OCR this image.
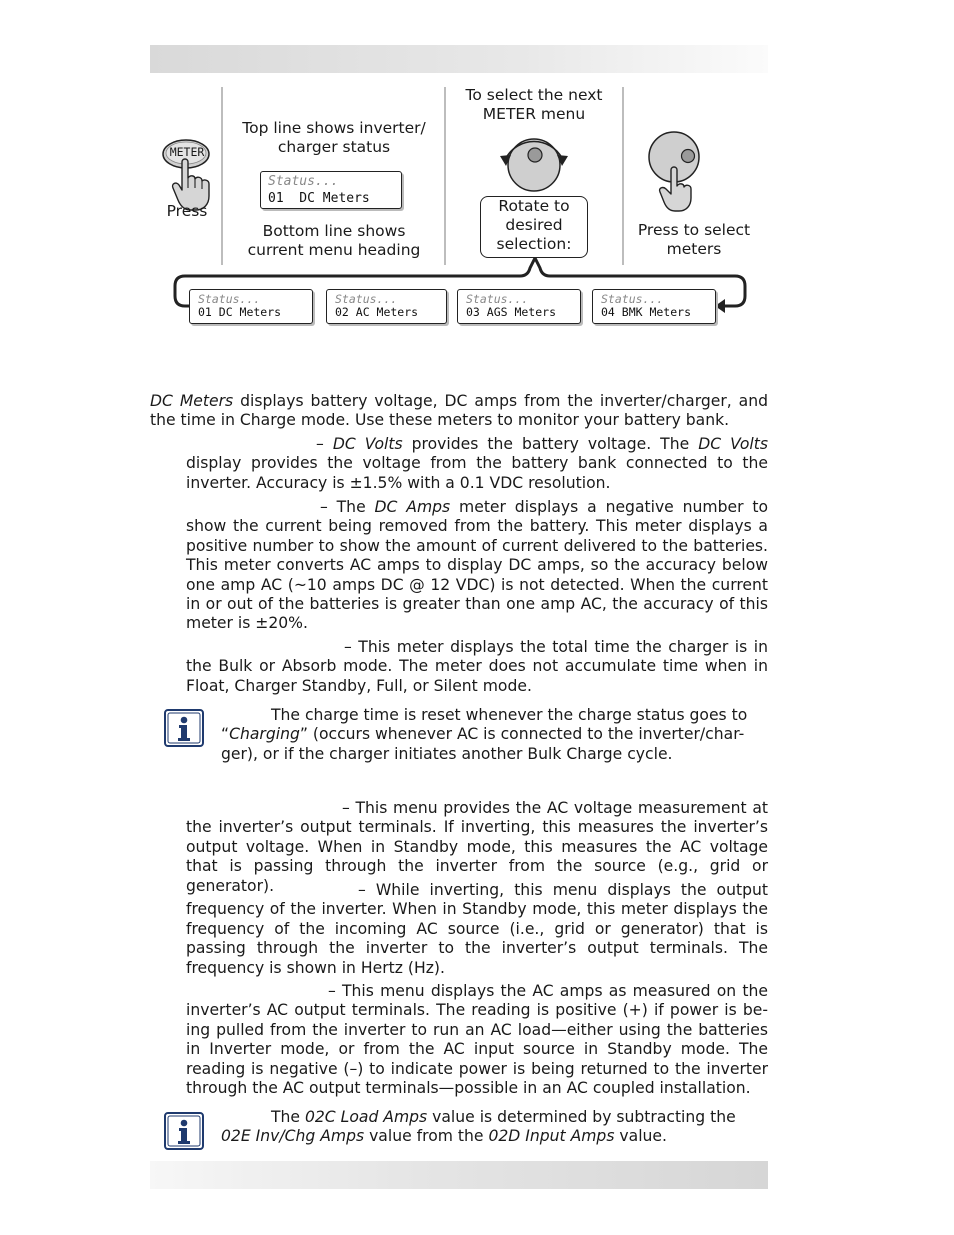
METER
Press
Top line shows inverter/ charger status
Status...
01  DC Meters
Bottom line shows current menu heading
To select the next METER menu
Rotate to desired selection:
Press to select meters
Status...
01 DC Meters
Status...
02 AC Meters
Status...
03 AGS Meters
Status...
04 BMK Meters

DC Meters displays battery voltage, DC amps from the inverter/charger, and the time in Charge mode. Use these meters to monitor your battery bank.

– DC Volts provides the battery voltage. The DC Volts display provides the voltage from the battery bank connected to the inverter. Accuracy is ±1.5% with a 0.1 VDC resolution.

– The DC Amps meter displays a negative number to show the current being removed from the battery. This meter displays a positive number to show the amount of current delivered to the batteries. This meter converts AC amps to display DC amps, so the accuracy below one amp AC (~10 amps DC @ 12 VDC) is not detected. When the current in or out of the batteries is greater than one amp AC, the accuracy of this meter is ±20%.

– This meter displays the total time the charger is in the Bulk or Absorb mode. The meter does not accumulate time when in Float, Charger Standby, Full, or Silent mode.

The charge time is reset whenever the charge status goes to “Charging” (occurs whenever AC is connected to the inverter/char- ger), or if the charger initiates another Bulk Charge cycle.

– This menu provides the AC voltage measurement at the inverter’s output terminals. If inverting, this measures the inverter’s output voltage. When in Standby mode, this measures the AC voltage that is passing through the inverter from the source (e.g., grid or generator).	– While inverting, this menu displays the output frequency of the inverter. When in Standby mode, this meter displays the frequency of the incoming AC source (i.e., grid or generator) that is passing through the inverter to the inverter’s output terminals. The frequency is shown in Hertz (Hz).

– This menu displays the AC amps as measured on the inverter’s AC output terminals. The reading is positive (+) if power is be- ing pulled from the inverter to run an AC load—either using the batteries in Inverter mode, or from the AC input source in Standby mode. The reading is negative (–) to indicate power is being returned to the inverter through the AC output terminals—possible in an AC coupled installation.

The 02C Load Amps value is determined by subtracting the 02E Inv/Chg Amps value from the 02D Input Amps value.
